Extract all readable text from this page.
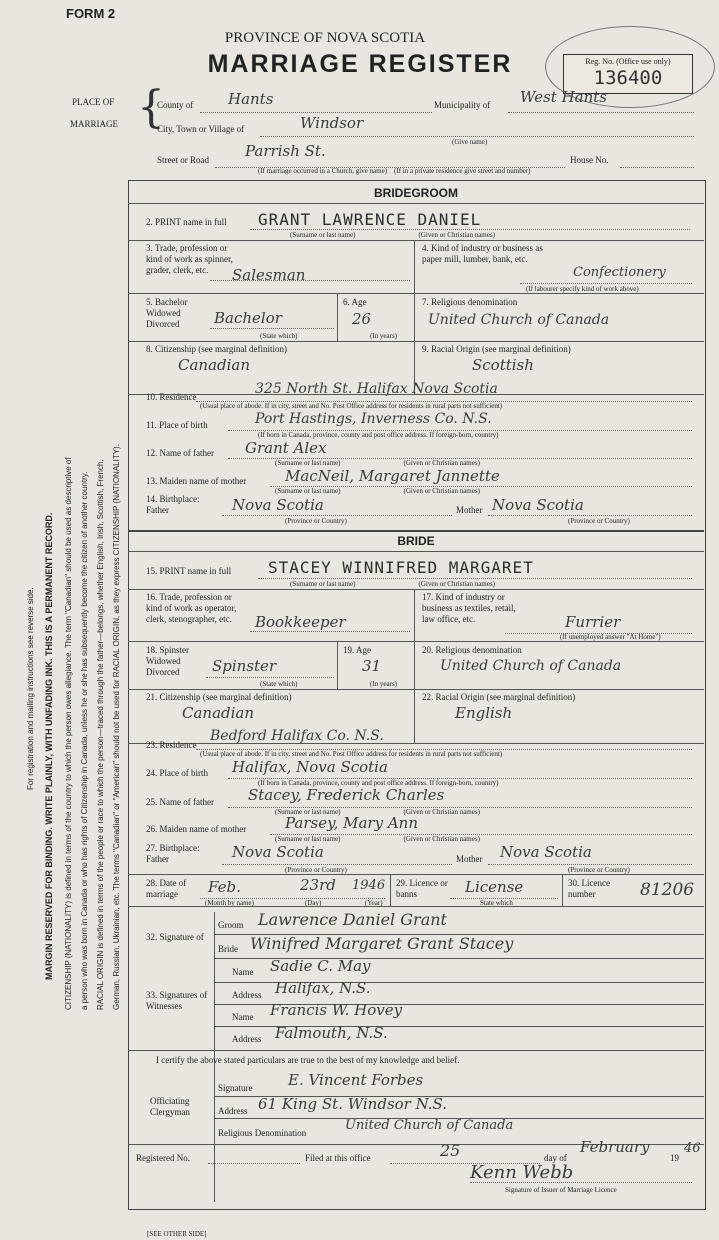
FORM 2
PROVINCE OF NOVA SCOTIA
MARRIAGE REGISTER	Reg. No. (Office use only)
136400
PLACE OF
MARRIAGE {
County of Hants	Municipality of West Hants
City, Town or Village of	Windsor
(Give name)
Street or Road Parrish St.	House No.
(If marriage occurred in a Church, give name)    (If in a private residence give street and number)
For registration and mailing instructions see reverse side. MARGIN RESERVED FOR BINDING. WRITE PLAINLY, WITH UNFADING INK. THIS IS A PERMANENT RECORD. CITIZENSHIP (NATIONALITY) is defined in terms of the country to which the person owes allegiance. The term "Canadian" should be used as descriptive of a person who was born in Canada or who has rights of Citizenship in Canada, unless he or she has subsequently become the citizen of another country. RACIAL ORIGIN is defined in terms of the people or race to which the person—traced through the father—belongs, whether English, Irish, Scottish, French, German, Russian, Ukrainian, etc. The terms "Canadian" or "American" should not be used for RACIAL ORIGIN, as they express CITIZENSHIP (NATIONALITY).
BRIDEGROOM
2. PRINT name in full GRANT LAWRENCE DANIEL
(Surname or last name)                                    (Given or Christian names)
3. Trade, profession or kind of work as spinner, grader, clerk, etc.	Salesman
4. Kind of industry or business as paper mill, lumber, bank, etc.
Confectionery
(If labourer specify kind of work above)
5. Bachelor Widowed Divorced	Bachelor
(State which)
6. Age
26
(In years)
7. Religious denomination
United Church of Canada
8. Citizenship (see marginal definition)
Canadian
9. Racial Origin (see marginal definition)
Scottish
10. Residence	325 North St. Halifax Nova Scotia
(Usual place of abode. If in city, street and No. Post Office address for residents in rural parts not sufficient)
11. Place of birth	Port Hastings, Inverness Co. N.S.
(If born in Canada, province, county and post office address. If foreign-born, country)
12. Name of father Grant Alex
(Surname or last name)                                    (Given or Christian names)
13. Maiden name of mother	MacNeil, Margaret Jannette
(Surname or last name)                                    (Given or Christian names)
14. Birthplace: Father	Nova Scotia	Mother Nova Scotia
(Province or Country)	(Province or Country)
BRIDE
15. PRINT name in full STACEY WINNIFRED MARGARET
(Surname or last name)                                    (Given or Christian names)
16. Trade, profession or kind of work as operator, clerk, stenographer, etc.	Bookkeeper
17. Kind of industry or business as textiles, retail, law office, etc.	Furrier
(If unemployed answer "At Home")
18. Spinster Widowed Divorced	Spinster
(State which)
19. Age
31
(In years)
20. Religious denomination
United Church of Canada
21. Citizenship (see marginal definition)
Canadian
22. Racial Origin (see marginal definition)
English
23. Residence
Bedford Halifax Co. N.S.
(Usual place of abode. If in city, street and No. Post Office address for residents in rural parts not sufficient)
24. Place of birth Halifax, Nova Scotia
(If born in Canada, province, county and post office address. If foreign-born, country)
25. Name of father Stacey, Frederick Charles
(Surname or last name)                                    (Given or Christian names)
26. Maiden name of mother	Parsey, Mary Ann
(Surname or last name)                                    (Given or Christian names)
27. Birthplace: Father	Nova Scotia	Mother Nova Scotia
(Province or Country)	(Province or Country)
28. Date of marriage	Feb.	23rd 1946
(Month by name)	(Day)	(Year)
29. Licence or banns	License
State which
30. Licence number	81206
32. Signature of
Groom Lawrence Daniel Grant
Bride Winifred Margaret Grant Stacey
33. Signatures of Witnesses
Name Sadie C. May
Address Halifax, N.S.
Name Francis W. Hovey
Address Falmouth, N.S.
I certify the above stated particulars are true to the best of my knowledge and belief.
Officiating Clergyman
Signature E. Vincent Forbes
Address 61 King St. Windsor N.S.
Religious Denomination	United Church of Canada
Registered No.	Filed at this office	25	day of
February
19
46
Kenn Webb
Signature of Issuer of Marriage Licence
[SEE OTHER SIDE]
